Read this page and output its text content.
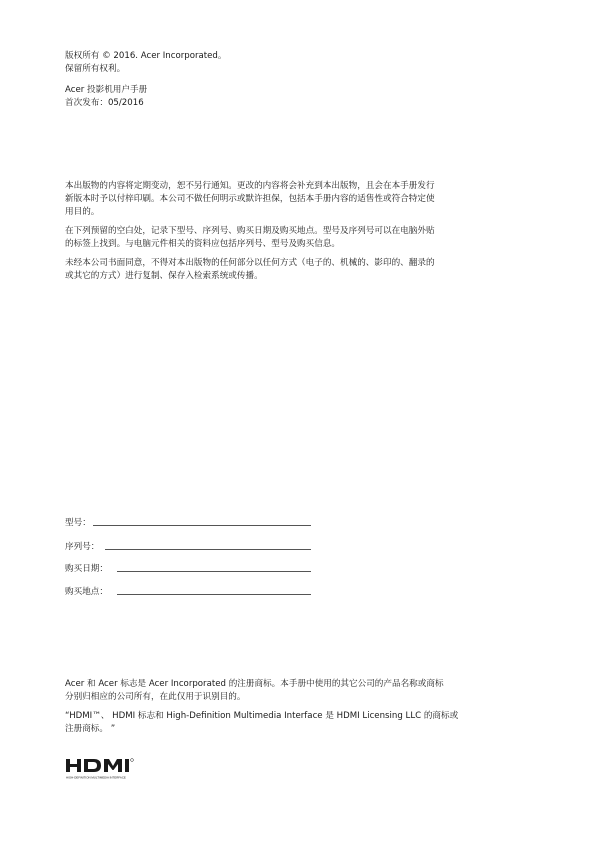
版权所有 © 2016. Acer Incorporated。
保留所有权利。
Acer 投影机用户手册
首次发布：05/2016

本出版物的内容将定期变动，恕不另行通知。更改的内容将会补充到本出版物，且会在本手册发行
新版本时予以付梓印刷。本公司不做任何明示或默许担保，包括本手册内容的适售性或符合特定使
用目的。

在下列预留的空白处，记录下型号、序列号、购买日期及购买地点。型号及序列号可以在电脑外贴
的标签上找到。与电脑元件相关的资料应包括序列号、型号及购买信息。

未经本公司书面同意，不得对本出版物的任何部分以任何方式（电子的、机械的、影印的、翻录的
或其它的方式）进行复制、保存入检索系统或传播。

型号：
序列号：
购买日期：
购买地点：

Acer 和 Acer 标志是 Acer Incorporated 的注册商标。本手册中使用的其它公司的产品名称或商标
分别归相应的公司所有，在此仅用于识别目的。

“HDMI™、 HDMI 标志和 High-Definition Multimedia Interface 是 HDMI Licensing LLC 的商标或
注册商标。 ”

HIGH-DEFINITION MULTIMEDIA INTERFACE
